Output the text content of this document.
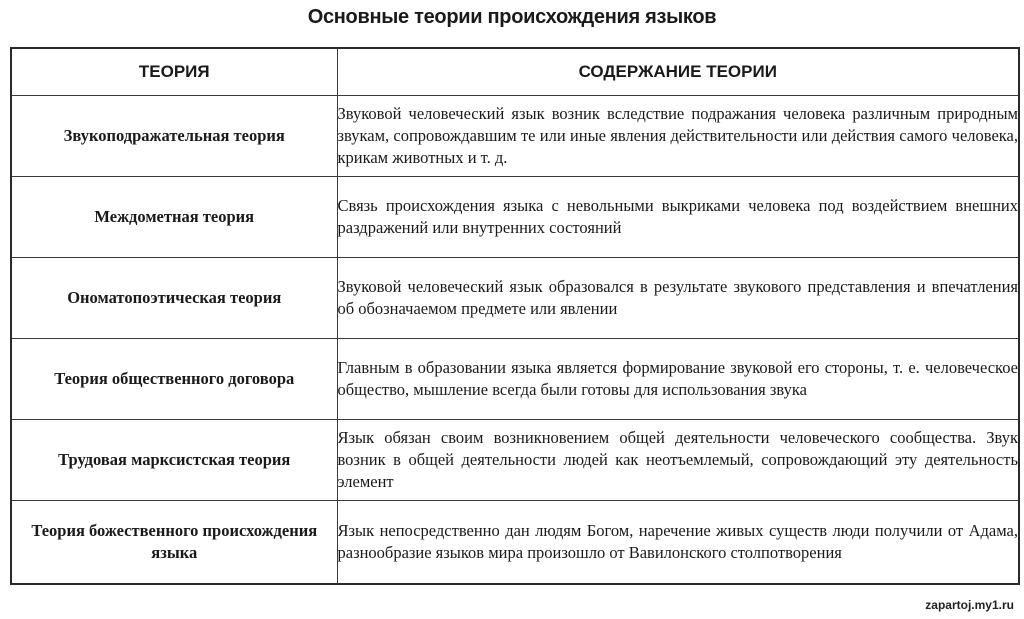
Основные теории происхождения языков
ТЕОРИЯ	СОДЕРЖАНИЕ ТЕОРИИ
Звукоподражательная теория	Звуковой человеческий язык возник вследствие подражания человека различным природным звукам, сопровождавшим те или иные явления действительности или действия самого человека, крикам животных и т. д.
Междометная теория	Связь происхождения языка с невольными выкриками человека под воздействием внешних раздражений или внутренних состояний
Ономатопоэтическая теория	Звуковой человеческий язык образовался в результате звукового представления и впечатления об обозначаемом предмете или явлении
Теория общественного договора	Главным в образовании языка является формирование звуковой его стороны, т. е. человеческое общество, мышление всегда были готовы для использования звука
Трудовая марксистская теория	Язык обязан своим возникновением общей деятельности человеческого сообщества. Звук возник в общей деятельности людей как неотъемлемый, сопровождающий эту деятельность элемент
Теория божественного происхождения языка	Язык непосредственно дан людям Богом, наречение живых существ люди получили от Адама, разнообразие языков мира произошло от Вавилонского столпотворения
zapartoj.my1.ru
